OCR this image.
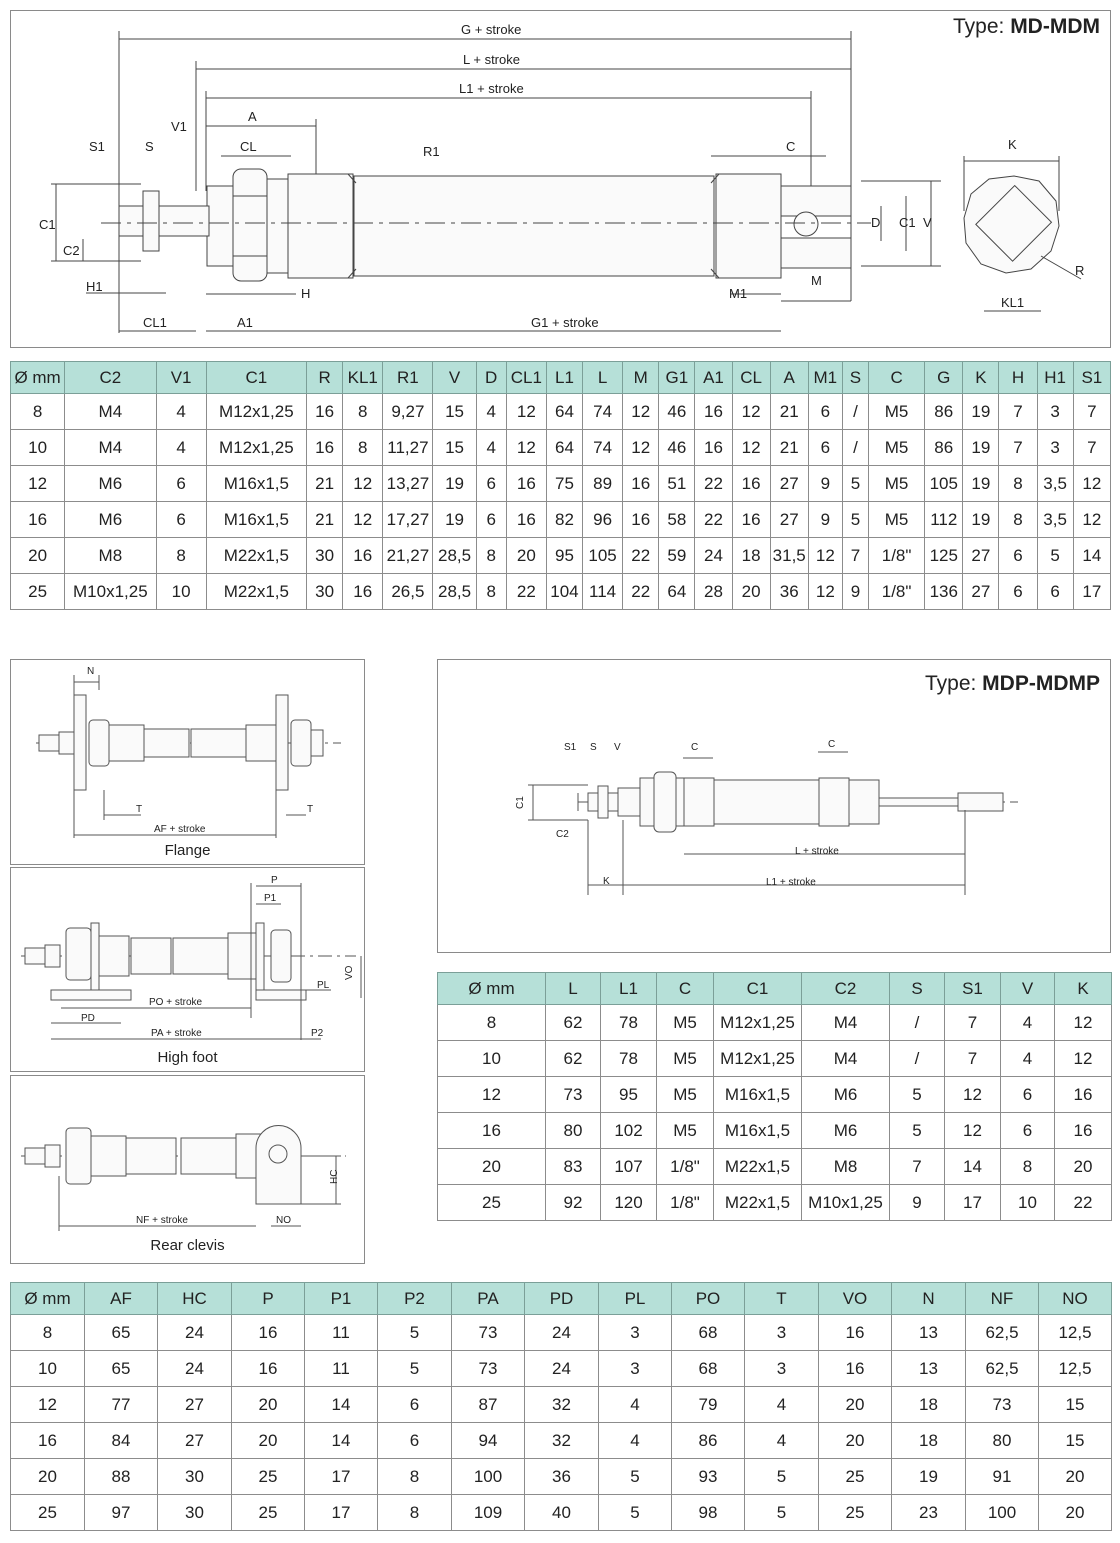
Type: MD-MDM
G + stroke
L + stroke
L1 + stroke
A
V1
S1	S	CL	R1	C
C1
C2
H1	H
CL1	A1	G1 + stroke
M1
M
D C1 V
K
KL1
R
Ø mm	C2	V1	C1	R	KL1	R1	V	D	CL1	L1	L	M	G1	A1	CL	A	M1	S	C	G	K	H	H1	S1
8	M4	4	M12x1,25	16	8	9,27	15	4	12	64	74	12	46	16	12	21	6	/	M5	86	19	7	3	7
10	M4	4	M12x1,25	16	8	11,27	15	4	12	64	74	12	46	16	12	21	6	/	M5	86	19	7	3	7
12	M6	6	M16x1,5	21	12	13,27	19	6	16	75	89	16	51	22	16	27	9	5	M5	105	19	8	3,5	12
16	M6	6	M16x1,5	21	12	17,27	19	6	16	82	96	16	58	22	16	27	9	5	M5	112	19	8	3,5	12
20	M8	8	M22x1,5	30	16	21,27	28,5	8	20	95	105	22	59	24	18	31,5	12	7	1/8"	125	27	6	5	14
25	M10x1,25	10	M22x1,5	30	16	26,5	28,5	8	22	104	114	22	64	28	20	36	12	9	1/8"	136	27	6	6	17
N
T	T
AF + stroke
Flange
P
P1
VO
PL
PO + stroke
PD
PA + stroke	P2
High foot
HC
NF + stroke	NO
Rear clevis
Type: MDP-MDMP
S1 S V	C	C
C1
C2
L + stroke
K	L1 + stroke
Ø mm	L	L1	C	C1	C2	S	S1	V	K
8	62	78	M5	M12x1,25	M4	/	7	4	12
10	62	78	M5	M12x1,25	M4	/	7	4	12
12	73	95	M5	M16x1,5	M6	5	12	6	16
16	80	102	M5	M16x1,5	M6	5	12	6	16
20	83	107	1/8"	M22x1,5	M8	7	14	8	20
25	92	120	1/8"	M22x1,5	M10x1,25	9	17	10	22
Ø mm	AF	HC	P	P1	P2	PA	PD	PL	PO	T	VO	N	NF	NO
8	65	24	16	11	5	73	24	3	68	3	16	13	62,5	12,5
10	65	24	16	11	5	73	24	3	68	3	16	13	62,5	12,5
12	77	27	20	14	6	87	32	4	79	4	20	18	73	15
16	84	27	20	14	6	94	32	4	86	4	20	18	80	15
20	88	30	25	17	8	100	36	5	93	5	25	19	91	20
25	97	30	25	17	8	109	40	5	98	5	25	23	100	20
